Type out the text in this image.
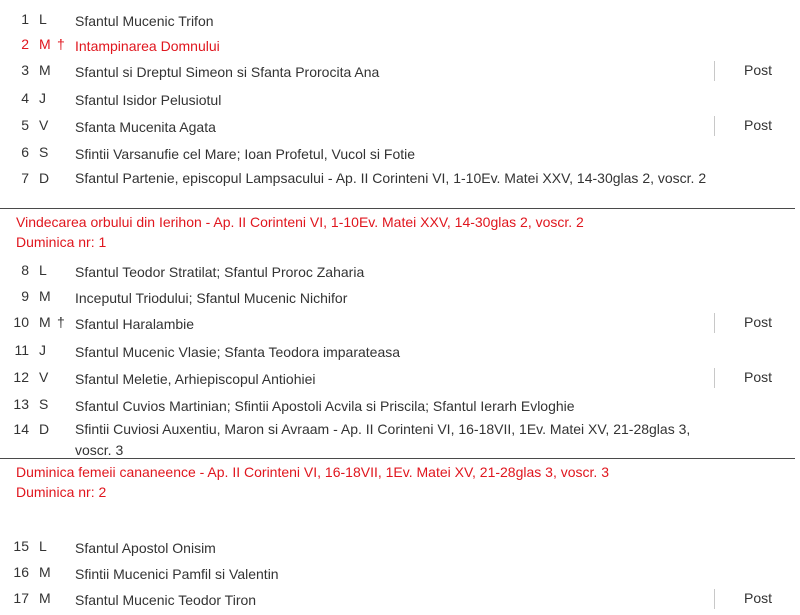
1 L Sfantul Mucenic Trifon
2 M † Intampinarea Domnului
3 M Sfantul si Dreptul Simeon si Sfanta Prorocita Ana	Post
4 J Sfantul Isidor Pelusiotul
5 V Sfanta Mucenita Agata	Post
6 S Sfintii Varsanufie cel Mare; Ioan Profetul, Vucol si Fotie
7 D Sfantul Partenie, episcopul Lampsacului - Ap. II Corinteni VI, 1-10Ev. Matei XXV, 14-30glas 2, voscr. 2
8 L Sfantul Teodor Stratilat; Sfantul Proroc Zaharia
9 M Inceputul Triodului; Sfantul Mucenic Nichifor
10 M † Sfantul Haralambie	Post
11 J Sfantul Mucenic Vlasie; Sfanta Teodora imparateasa
12 V Sfantul Meletie, Arhiepiscopul Antiohiei	Post
13 S Sfantul Cuvios Martinian; Sfintii Apostoli Acvila si Priscila; Sfantul Ierarh Evloghie
14 D Sfintii Cuviosi Auxentiu, Maron si Avraam - Ap. II Corinteni VI, 16-18VII, 1Ev. Matei XV, 21-28glas 3, voscr. 3
15 L Sfantul Apostol Onisim
16 M Sfintii Mucenici Pamfil si Valentin
17 M Sfantul Mucenic Teodor Tiron	Post
Vindecarea orbului din Ierihon - Ap. II Corinteni VI, 1-10Ev. Matei XXV, 14-30glas 2, voscr. 2
Duminica nr: 1
Duminica femeii cananeence - Ap. II Corinteni VI, 16-18VII, 1Ev. Matei XV, 21-28glas 3, voscr. 3
Duminica nr: 2
